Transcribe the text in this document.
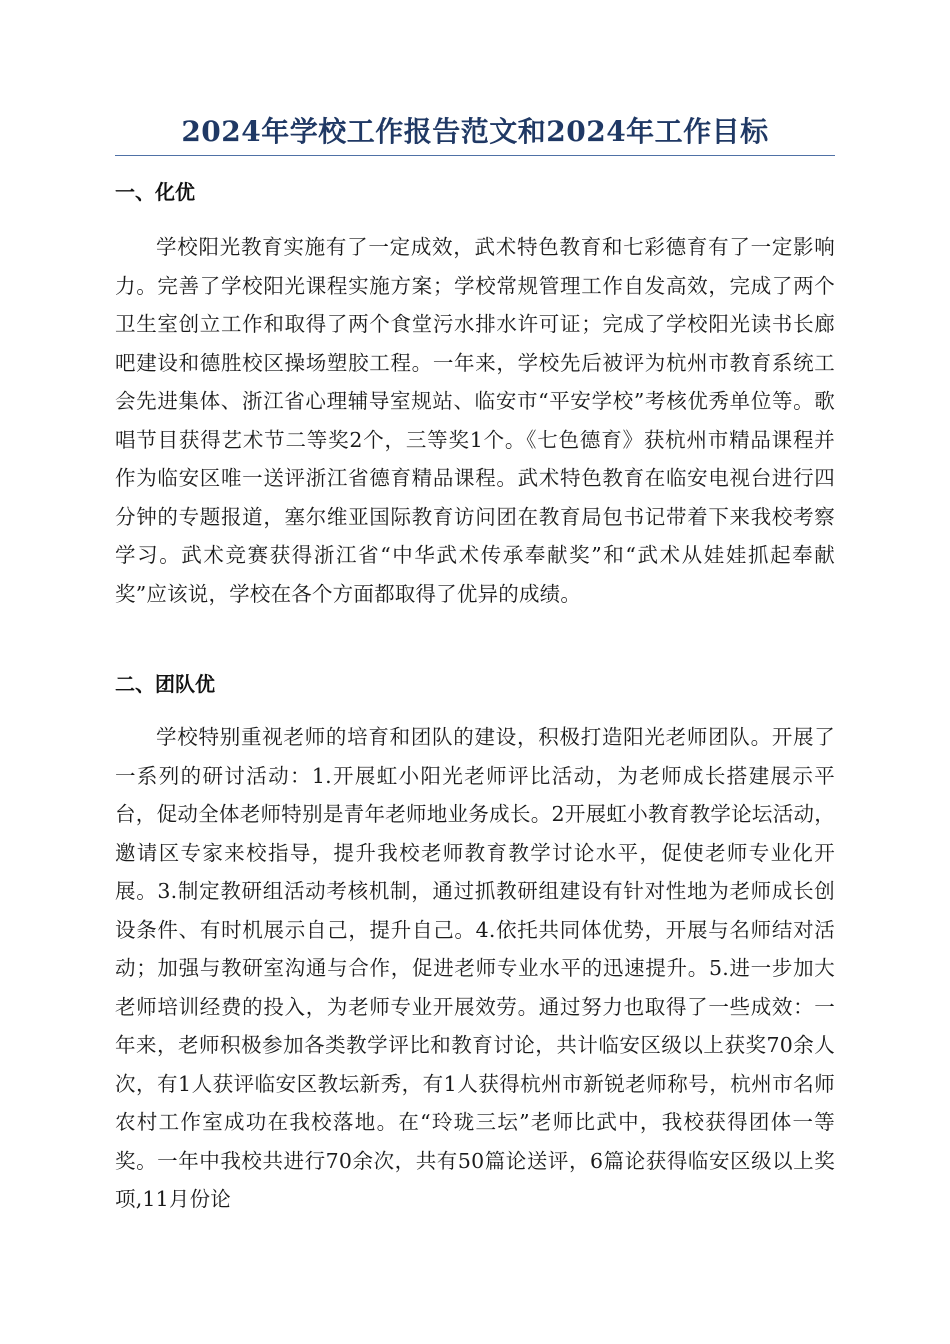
2024年学校工作报告范文和2024年工作目标
一、化优

学校阳光教育实施有了一定成效，武术特色教育和七彩德育有了一定影响力。完善了学校阳光课程实施方案；学校常规管理工作自发高效，完成了两个卫生室创立工作和取得了两个食堂污水排水许可证；完成了学校阳光读书长廊吧建设和德胜校区操场塑胶工程。一年来，学校先后被评为杭州市教育系统工会先进集体、浙江省心理辅导室规站、临安市“平安学校”考核优秀单位等。歌唱节目获得艺术节二等奖2个，三等奖1个。《七色德育》获杭州市精品课程并作为临安区唯一送评浙江省德育精品课程。武术特色教育在临安电视台进行四分钟的专题报道，塞尔维亚国际教育访问团在教育局包书记带着下来我校考察学习。武术竞赛获得浙江省“中华武术传承奉献奖”和“武术从娃娃抓起奉献奖”应该说，学校在各个方面都取得了优异的成绩。

二、团队优

学校特别重视老师的培育和团队的建设，积极打造阳光老师团队。开展了一系列的研讨活动：1.开展虹小阳光老师评比活动，为老师成长搭建展示平台，促动全体老师特别是青年老师地业务成长。2开展虹小教育教学论坛活动，邀请区专家来校指导，提升我校老师教育教学讨论水平，促使老师专业化开展。3.制定教研组活动考核机制，通过抓教研组建设有针对性地为老师成长创设条件、有时机展示自己，提升自己。4.依托共同体优势，开展与名师结对活动；加强与教研室沟通与合作，促进老师专业水平的迅速提升。5.进一步加大老师培训经费的投入，为老师专业开展效劳。通过努力也取得了一些成效：一年来，老师积极参加各类教学评比和教育讨论，共计临安区级以上获奖70余人次，有1人获评临安区教坛新秀，有1人获得杭州市新锐老师称号，杭州市名师农村工作室成功在我校落地。在“玲珑三坛”老师比武中，我校获得团体一等奖。一年中我校共进行70余次，共有50篇论送评，6篇论获得临安区级以上奖项,11月份论
